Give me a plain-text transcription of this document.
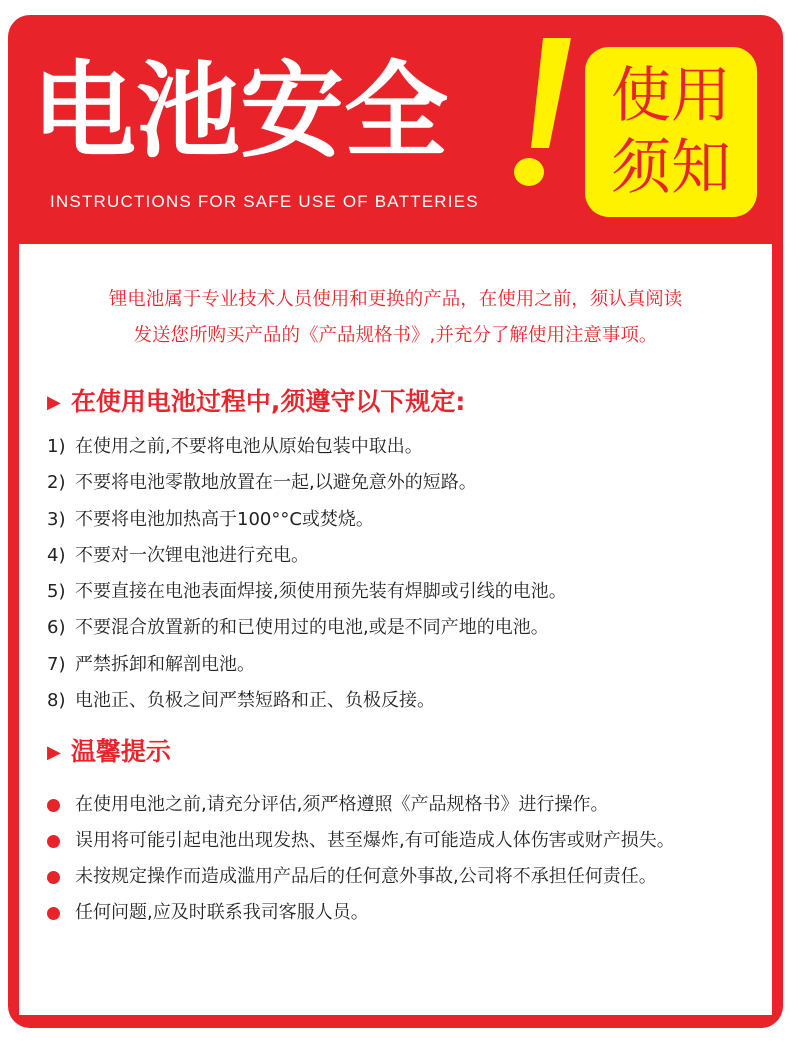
电池安全
INSTRUCTIONS FOR SAFE USE OF BATTERIES
使用
须知
锂电池属于专业技术人员使用和更换的产品，在使用之前，须认真阅读
发送您所购买产品的《产品规格书》,并充分了解使用注意事项。
▶ 在使用电池过程中,须遵守以下规定:
1) 在使用之前,不要将电池从原始包装中取出。
2) 不要将电池零散地放置在一起,以避免意外的短路。
3) 不要将电池加热高于100°°C或焚烧。
4) 不要对一次锂电池进行充电。
5) 不要直接在电池表面焊接,须使用预先装有焊脚或引线的电池。
6) 不要混合放置新的和已使用过的电池,或是不同产地的电池。
7) 严禁拆卸和解剖电池。
8) 电池正、负极之间严禁短路和正、负极反接。
▶ 温馨提示
在使用电池之前,请充分评估,须严格遵照《产品规格书》进行操作。
误用将可能引起电池出现发热、甚至爆炸,有可能造成人体伤害或财产损失。
未按规定操作而造成滥用产品后的任何意外事故,公司将不承担任何责任。
任何问题,应及时联系我司客服人员。
